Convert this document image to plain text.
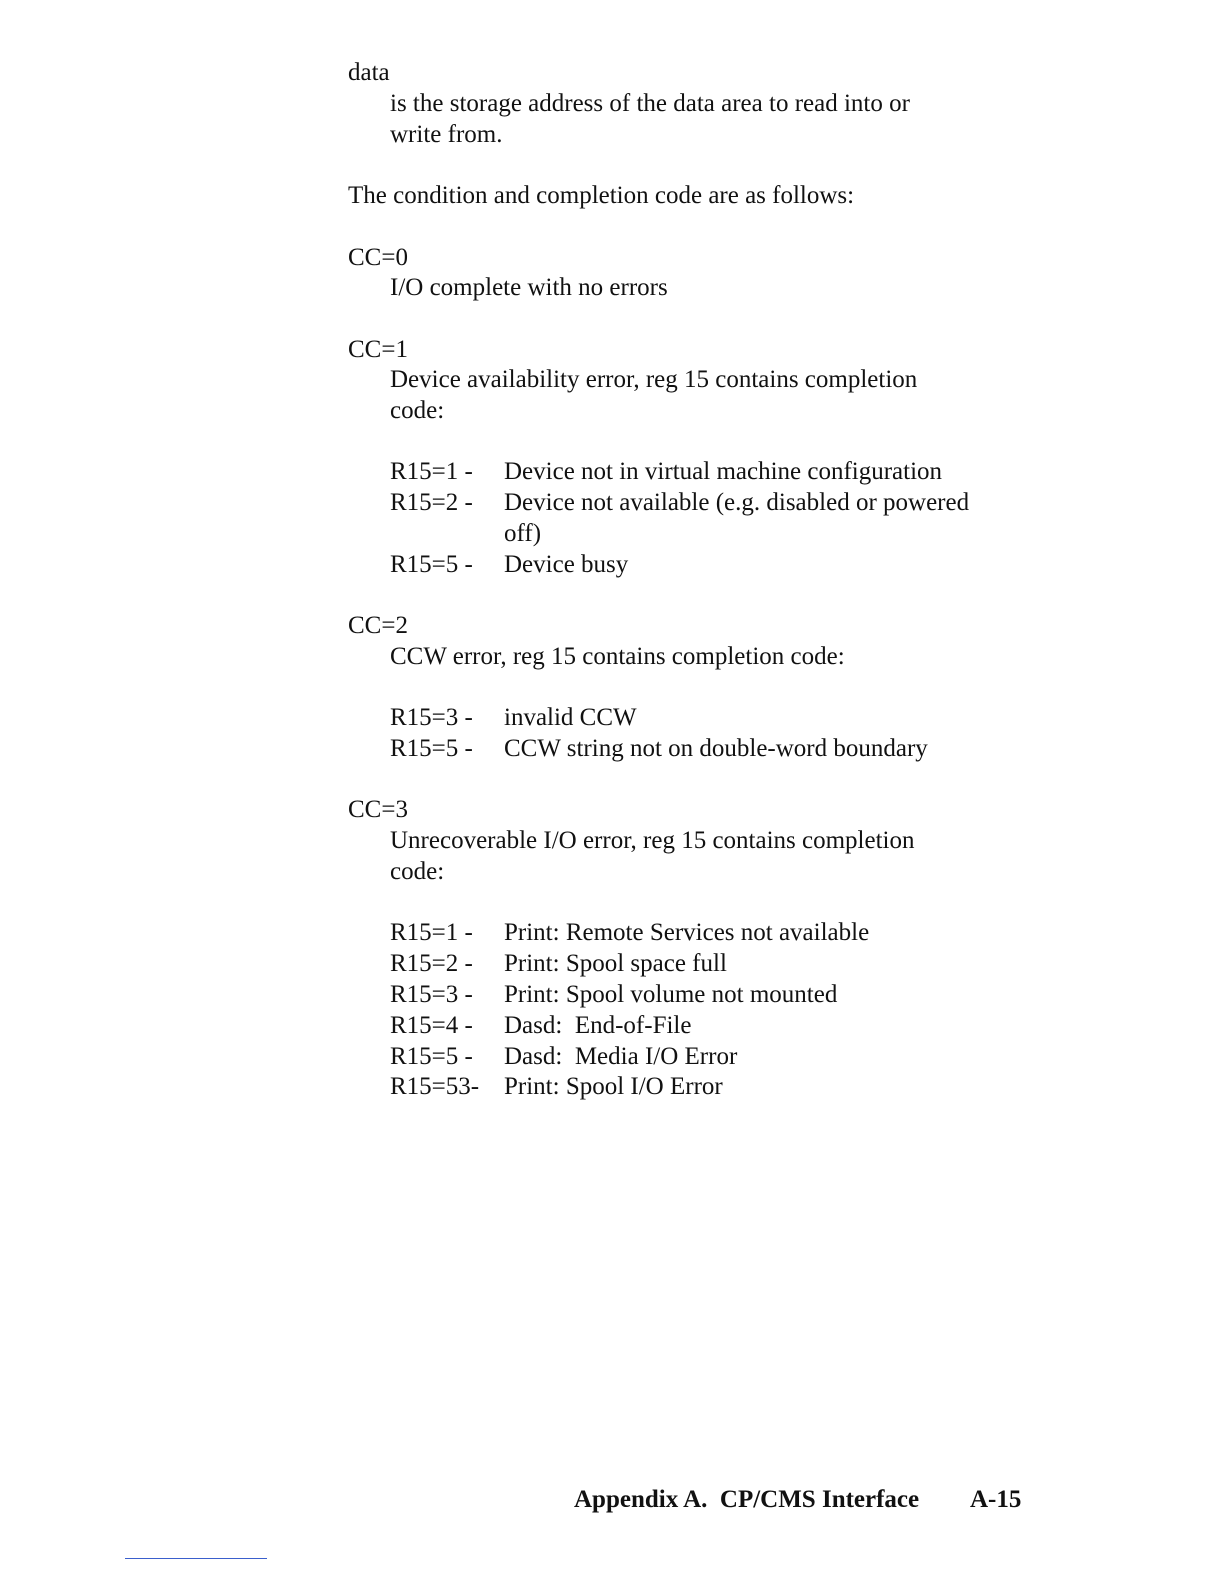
data
is the storage address of the data area to read into or
write from.
The condition and completion code are as follows:
CC=0
I/O complete with no errors
CC=1
Device availability error, reg 15 contains completion
code:
R15=1 - Device not in virtual machine configuration
R15=2 - Device not available (e.g. disabled or powered
off)
R15=5 - Device busy
CC=2
CCW error, reg 15 contains completion code:
R15=3 - invalid CCW
R15=5 - CCW string not on double-word boundary
CC=3
Unrecoverable I/O error, reg 15 contains completion
code:
R15=1 - Print: Remote Services not available
R15=2 - Print: Spool space full
R15=3 - Print: Spool volume not mounted
R15=4 - Dasd:  End-of-File
R15=5 - Dasd:  Media I/O Error
R15=53- Print: Spool I/O Error
Appendix A.  CP/CMS Interface A-15
